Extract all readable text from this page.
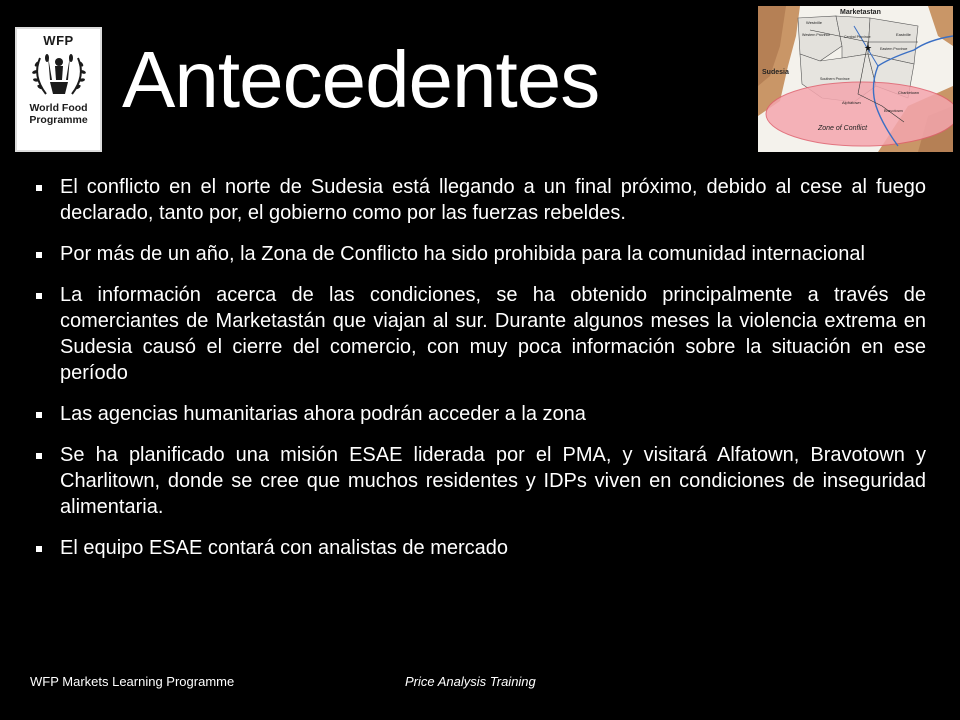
WFP
World Food
Programme Antecedentes	★
Marketastan
Sudesia
Westville
Eastville
Western Province	Central Province
Eastern Province
Southern Province
Alphatown
Bravotown
Charlietown
Zone of Conflict
El conflicto en el norte de Sudesia está llegando a un final próximo, debido al cese al fuego declarado, tanto por, el gobierno como por las fuerzas rebeldes.
Por más de un año, la Zona de Conflicto ha sido prohibida para la comunidad internacional
La información acerca de las condiciones, se ha obtenido principalmente a través de comerciantes de Marketastán que viajan al sur. Durante algunos meses la violencia extrema en Sudesia causó el cierre del comercio, con muy poca información sobre la situación en ese período
Las agencias humanitarias ahora podrán acceder a la zona
Se ha planificado una misión ESAE liderada por el PMA, y visitará Alfatown, Bravotown y Charlitown, donde se cree que muchos residentes y IDPs viven en condiciones de inseguridad alimentaria.
El equipo ESAE contará con analistas de mercado
WFP Markets Learning Programme	Price Analysis Training
